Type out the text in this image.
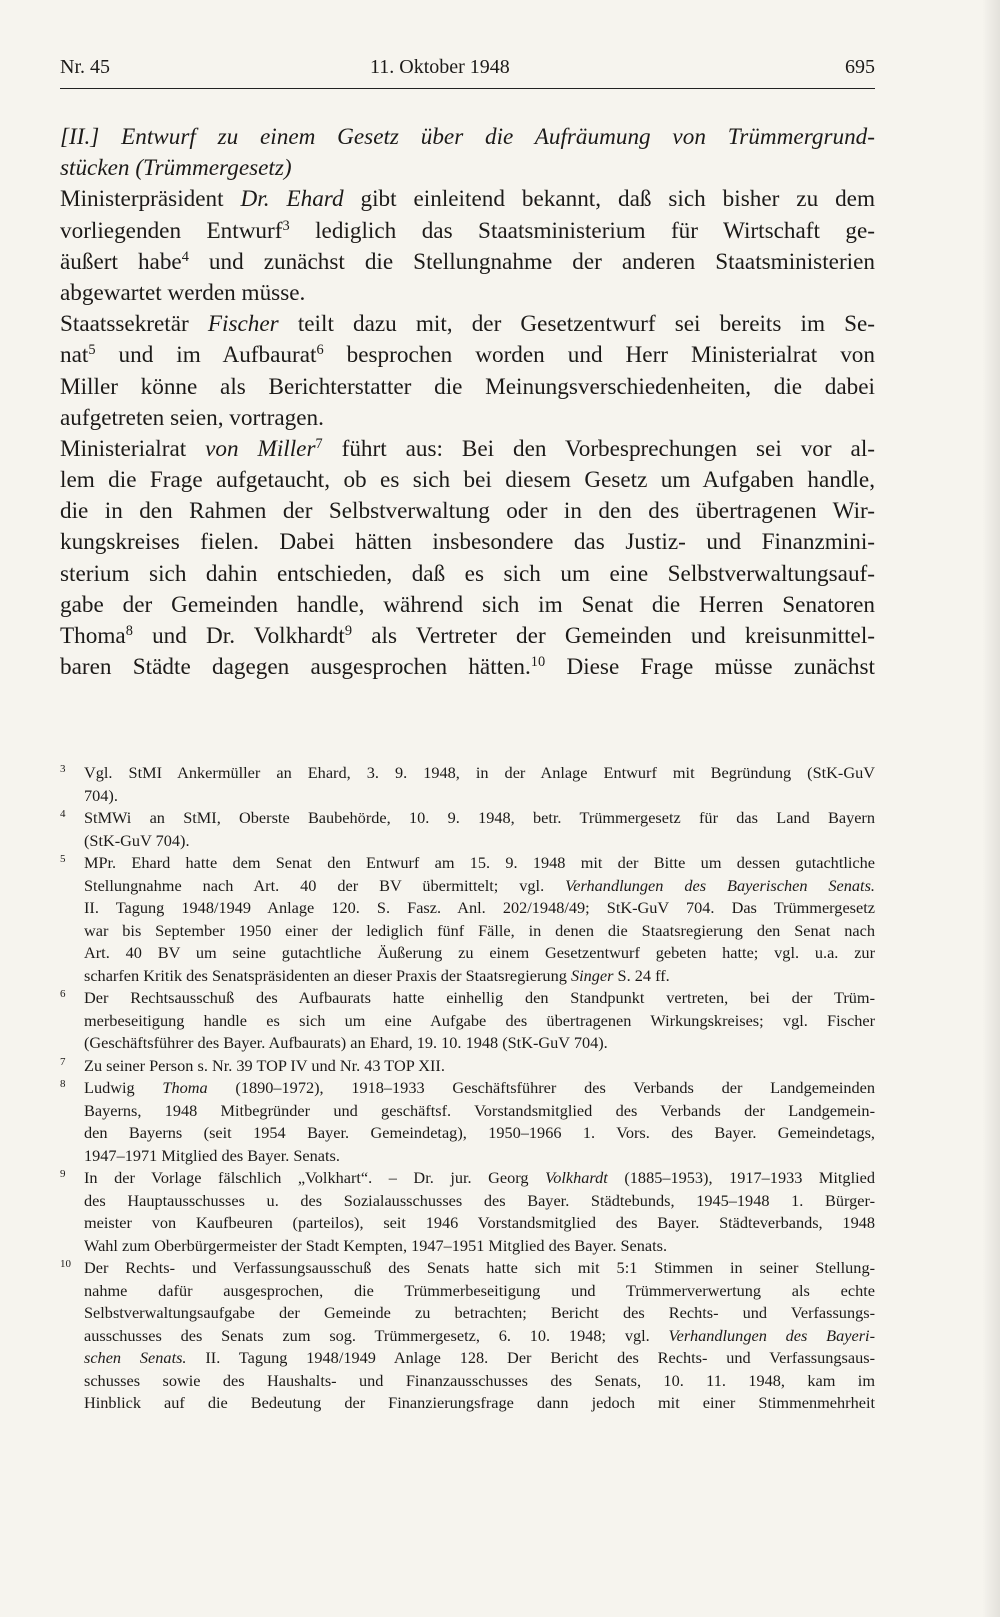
Nr. 45	11. Oktober 1948	695
[II.] Entwurf zu einem Gesetz über die Aufräumung von Trümmergrund-
stücken (Trümmergesetz)
Ministerpräsident Dr. Ehard gibt einleitend bekannt, daß sich bisher zu dem
vorliegenden Entwurf$^3$ lediglich das Staatsministerium für Wirtschaft ge-
äußert habe$^4$ und zunächst die Stellungnahme der anderen Staatsministerien
abgewartet werden müsse.
Staatssekretär Fischer teilt dazu mit, der Gesetzentwurf sei bereits im Se-
nat$^5$ und im Aufbaurat$^6$ besprochen worden und Herr Ministerialrat von
Miller könne als Berichterstatter die Meinungsverschiedenheiten, die dabei
aufgetreten seien, vortragen.
Ministerialrat von Miller$^7$ führt aus: Bei den Vorbesprechungen sei vor al-
lem die Frage aufgetaucht, ob es sich bei diesem Gesetz um Aufgaben handle,
die in den Rahmen der Selbstverwaltung oder in den des übertragenen Wir-
kungskreises fielen. Dabei hätten insbesondere das Justiz- und Finanzmini-
sterium sich dahin entschieden, daß es sich um eine Selbstverwaltungsauf-
gabe der Gemeinden handle, während sich im Senat die Herren Senatoren
Thoma$^8$ und Dr. Volkhardt$^9$ als Vertreter der Gemeinden und kreisunmittel-
baren Städte dagegen ausgesprochen hätten.$^{10}$ Diese Frage müsse zunächst
3 Vgl. StMI Ankermüller an Ehard, 3. 9. 1948, in der Anlage Entwurf mit Begründung (StK-GuV
704).
4 StMWi an StMI, Oberste Baubehörde, 10. 9. 1948, betr. Trümmergesetz für das Land Bayern
(StK-GuV 704).
5 MPr. Ehard hatte dem Senat den Entwurf am 15. 9. 1948 mit der Bitte um dessen gutachtliche
Stellungnahme nach Art. 40 der BV übermittelt; vgl. Verhandlungen des Bayerischen Senats.
II. Tagung 1948/1949 Anlage 120. S. Fasz. Anl. 202/1948/49; StK-GuV 704. Das Trümmergesetz
war bis September 1950 einer der lediglich fünf Fälle, in denen die Staatsregierung den Senat nach
Art. 40 BV um seine gutachtliche Äußerung zu einem Gesetzentwurf gebeten hatte; vgl. u.a. zur
scharfen Kritik des Senatspräsidenten an dieser Praxis der Staatsregierung Singer S. 24 ff.
6 Der Rechtsausschuß des Aufbaurats hatte einhellig den Standpunkt vertreten, bei der Trüm-
merbeseitigung handle es sich um eine Aufgabe des übertragenen Wirkungskreises; vgl. Fischer
(Geschäftsführer des Bayer. Aufbaurats) an Ehard, 19. 10. 1948 (StK-GuV 704).
7 Zu seiner Person s. Nr. 39 TOP IV und Nr. 43 TOP XII.
8 Ludwig Thoma (1890–1972), 1918–1933 Geschäftsführer des Verbands der Landgemeinden
Bayerns, 1948 Mitbegründer und geschäftsf. Vorstandsmitglied des Verbands der Landgemein-
den Bayerns (seit 1954 Bayer. Gemeindetag), 1950–1966 1. Vors. des Bayer. Gemeindetags,
1947–1971 Mitglied des Bayer. Senats.
9 In der Vorlage fälschlich „Volkhart“. – Dr. jur. Georg Volkhardt (1885–1953), 1917–1933 Mitglied
des Hauptausschusses u. des Sozialausschusses des Bayer. Städtebunds, 1945–1948 1. Bürger-
meister von Kaufbeuren (parteilos), seit 1946 Vorstandsmitglied des Bayer. Städteverbands, 1948
Wahl zum Oberbürgermeister der Stadt Kempten, 1947–1951 Mitglied des Bayer. Senats.
10 Der Rechts- und Verfassungsausschuß des Senats hatte sich mit 5:1 Stimmen in seiner Stellung-
nahme dafür ausgesprochen, die Trümmerbeseitigung und Trümmerverwertung als echte
Selbstverwaltungsaufgabe der Gemeinde zu betrachten; Bericht des Rechts- und Verfassungs-
ausschusses des Senats zum sog. Trümmergesetz, 6. 10. 1948; vgl. Verhandlungen des Bayeri-
schen Senats. II. Tagung 1948/1949 Anlage 128. Der Bericht des Rechts- und Verfassungsaus-
schusses sowie des Haushalts- und Finanzausschusses des Senats, 10. 11. 1948, kam im
Hinblick auf die Bedeutung der Finanzierungsfrage dann jedoch mit einer Stimmenmehrheit
